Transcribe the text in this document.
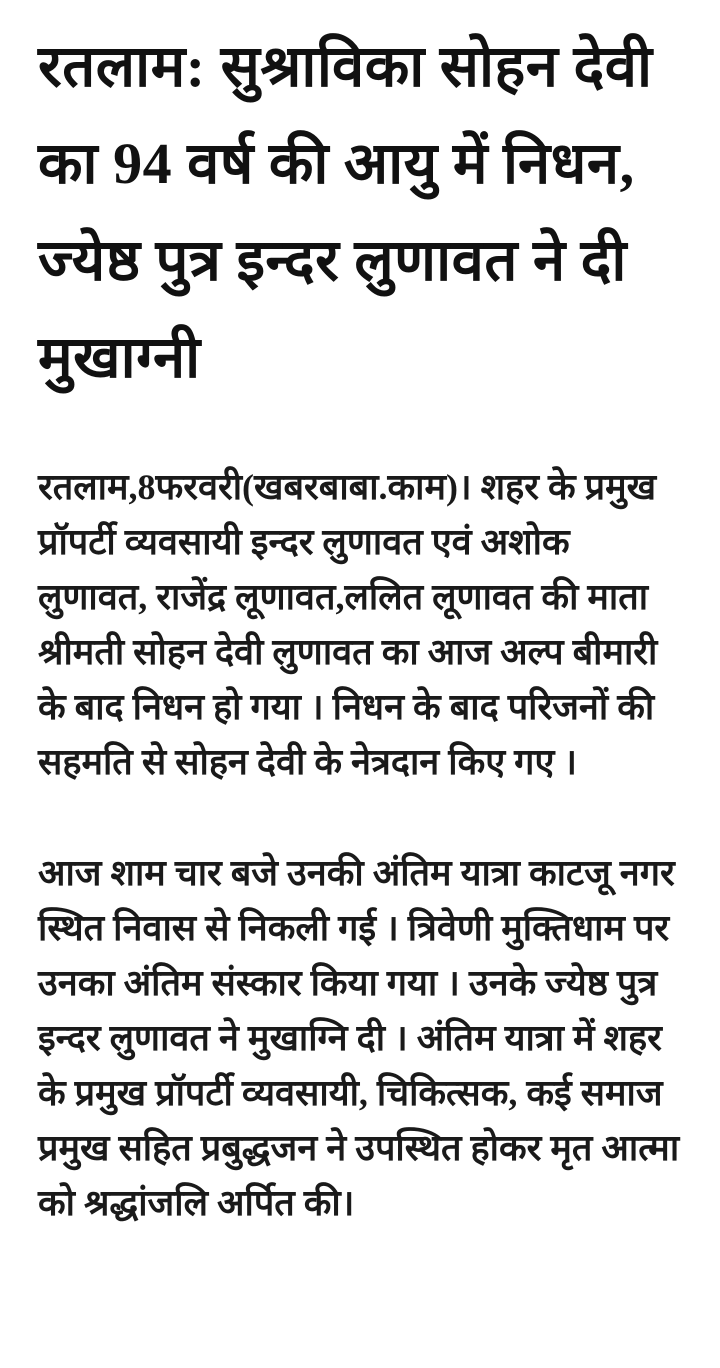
रतलाम: सुश्राविका सोहन देवी का 94 वर्ष की आयु में निधन, ज्येष्ठ पुत्र इन्दर लुणावत ने दी मुखाग्नी

रतलाम,8फरवरी(खबरबाबा.काम)। शहर के प्रमुख प्रॉपर्टी व्यवसायी इन्दर लुणावत एवं अशोक लुणावत, राजेंद्र लूणावत,ललित लूणावत की माता श्रीमती सोहन देवी लुणावत का आज अल्प बीमारी के बाद निधन हो गया । निधन के बाद परिजनों की सहमति से सोहन देवी के नेत्रदान किए गए ।

आज शाम चार बजे उनकी अंतिम यात्रा काटजू नगर स्थित निवास से निकली गई । त्रिवेणी मुक्तिधाम पर उनका अंतिम संस्कार किया गया । उनके ज्येष्ठ पुत्र इन्दर लुणावत ने मुखाग्नि दी । अंतिम यात्रा में शहर के प्रमुख प्रॉपर्टी व्यवसायी, चिकित्सक, कई समाज प्रमुख सहित प्रबुद्धजन ने उपस्थित होकर मृत आत्मा को श्रद्धांजलि अर्पित की।
